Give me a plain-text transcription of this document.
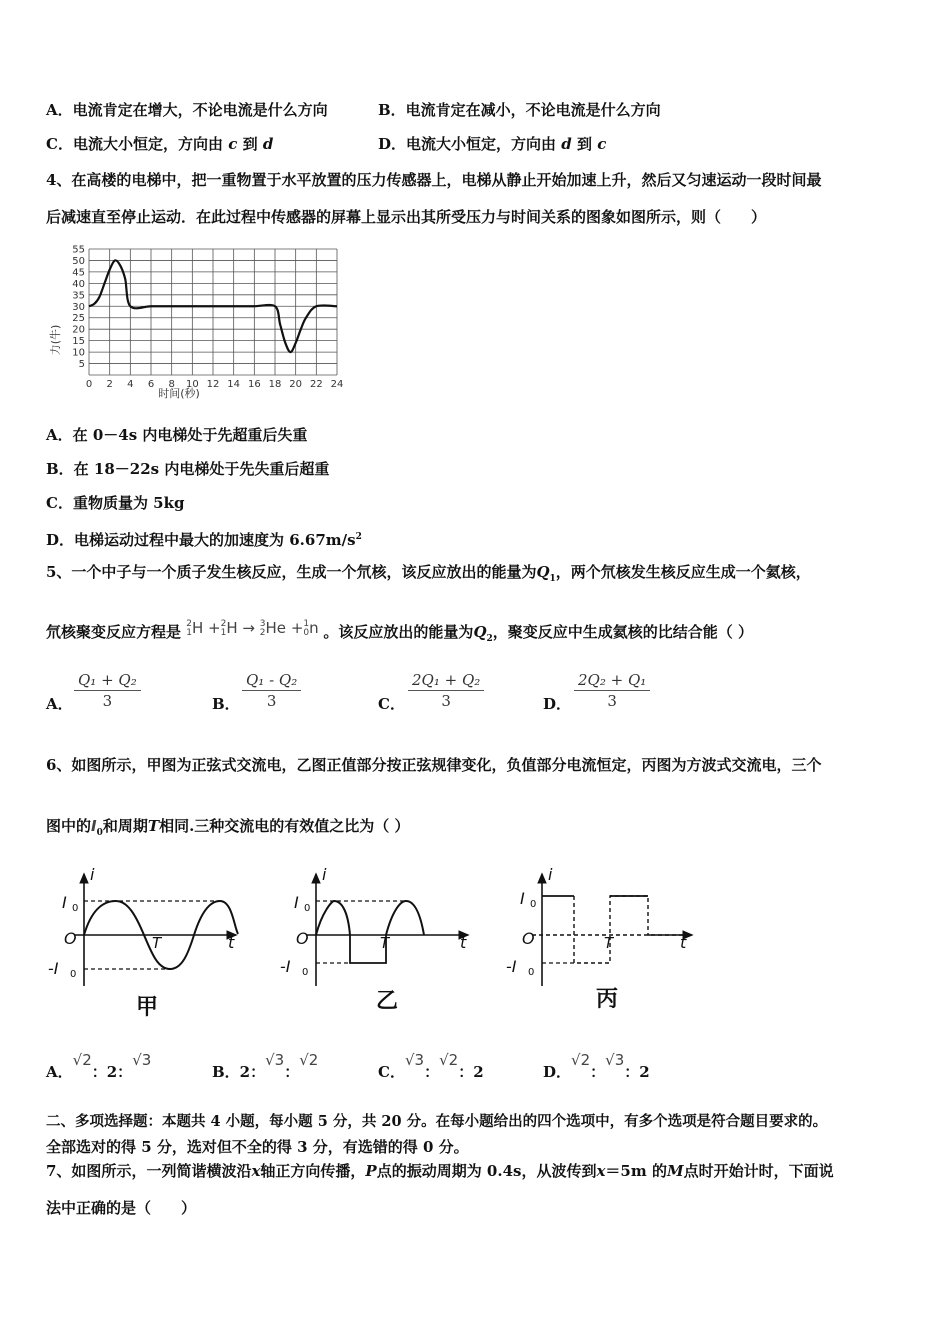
A．电流肯定在增大，不论电流是什么方向	B．电流肯定在减小，不论电流是什么方向
C．电流大小恒定，方向由 c 到 d	D．电流大小恒定，方向由 d 到 c
4、在高楼的电梯中，把一重物置于水平放置的压力传感器上，电梯从静止开始加速上升，然后又匀速运动一段时间最
后减速直至停止运动．在此过程中传感器的屏幕上显示出其所受压力与时间关系的图象如图所示，则（　　）
5
10
15
20
25
30
35
40
45
50
55
0 2 4 6 8 10 12 14 16 18 20 22 24
力(牛)
时间(秒)
A．在 0－4s 内电梯处于先超重后失重
B．在 18－22s 内电梯处于先失重后超重
C．重物质量为 5kg
D．电梯运动过程中最大的加速度为 $6.67m/s^2$
5、一个中子与一个质子发生核反应，生成一个氘核，该反应放出的能量为$Q_1$，两个氘核发生核反应生成一个氦核，
氘核聚变反应方程是 2
1H +2
1H → 3
2He +1
0n 。该反应放出的能量为$Q_2$，聚变反应中生成氦核的比结合能（ ）
A． $\frac{\text{Q₁ + Q₂}}{3}$	B． $\frac{\text{Q₁ - Q₂}}{3}$	C． $\frac{\text{2Q₁ + Q₂}}{3}$	D． $\frac{\text{2Q₂ + Q₁}}{3}$
6、如图所示，甲图为正弦式交流电，乙图正值部分按正弦规律变化，负值部分电流恒定，丙图为方波式交流电，三个
图中的$I_0$和周期T相同.三种交流电的有效值之比为（ ）
i
I 0
O
-I 0
T	t
甲
i
I 0
O
-I 0
T	t
乙
i
I 0
O
-I 0
T	t
丙
A．√2：2：√3
B．2：√3：√2
C．√3：√2：2	D．√2：√3：2
二、多项选择题：本题共 4 小题，每小题 5 分，共 20 分。在每小题给出的四个选项中，有多个选项是符合题目要求的。
全部选对的得 5 分，选对但不全的得 3 分，有选错的得 0 分。
7、如图所示，一列简谐横波沿x轴正方向传播，P点的振动周期为 0.4s，从波传到x＝5m 的M点时开始计时，下面说
法中正确的是（　　）
